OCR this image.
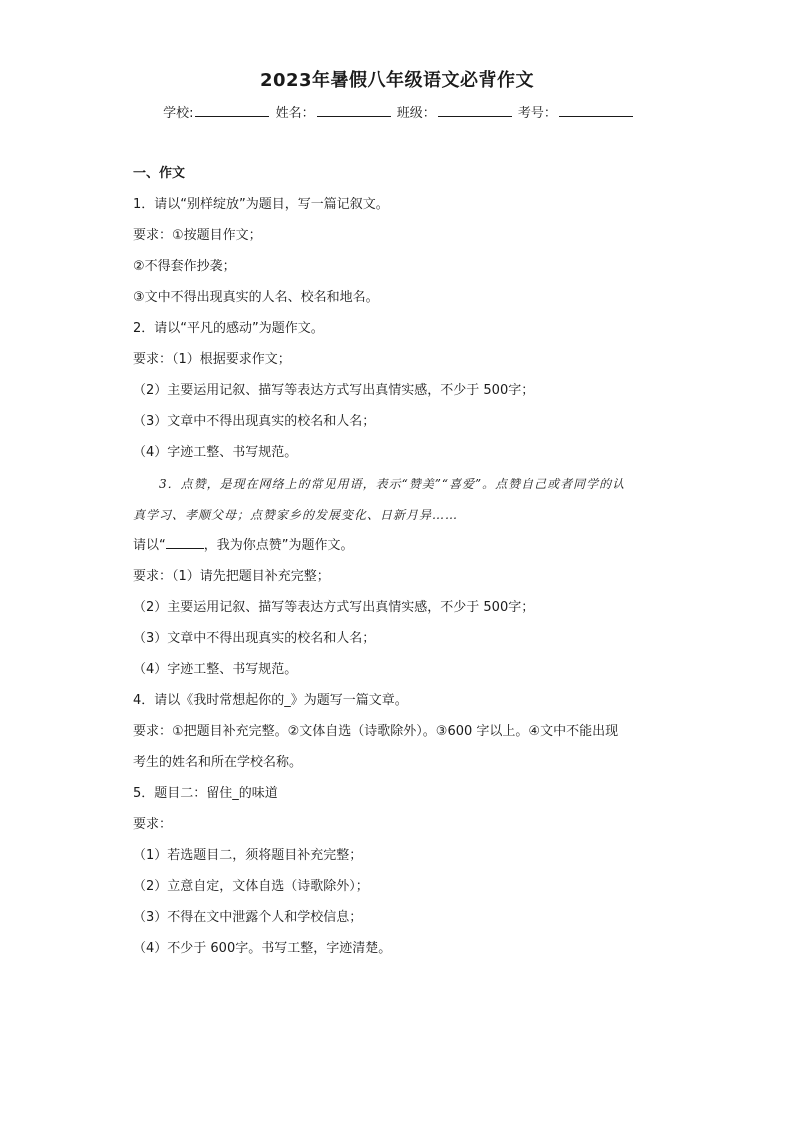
2023年暑假八年级语文必背作文
学校:	姓名：	班级：	考号：
一、作文
1．请以“别样绽放”为题目，写一篇记叙文。
要求：①按题目作文；
②不得套作抄袭；
③文中不得出现真实的人名、校名和地名。
2．请以“平凡的感动”为题作文。
要求：（1）根据要求作文；
（2）主要运用记叙、描写等表达方式写出真情实感，不少于 500字；
（3）文章中不得出现真实的校名和人名；
（4）字迹工整、书写规范。
3．点赞，是现在网络上的常见用语，表示“赞美”“喜爱”。点赞自己或者同学的认
真学习、孝顺父母；点赞家乡的发展变化、日新月异……
请以“	，我为你点赞”为题作文。
要求：（1）请先把题目补充完整；
（2）主要运用记叙、描写等表达方式写出真情实感，不少于 500字；
（3）文章中不得出现真实的校名和人名；
（4）字迹工整、书写规范。
4．请以《我时常想起你的_》为题写一篇文章。
要求：①把题目补充完整。②文体自选（诗歌除外）。③600 字以上。④文中不能出现
考生的姓名和所在学校名称。
5．题目二：留住_的味道
要求：
（1）若选题目二，须将题目补充完整；
（2）立意自定，文体自选（诗歌除外）；
（3）不得在文中泄露个人和学校信息；
（4）不少于 600字。书写工整，字迹清楚。
